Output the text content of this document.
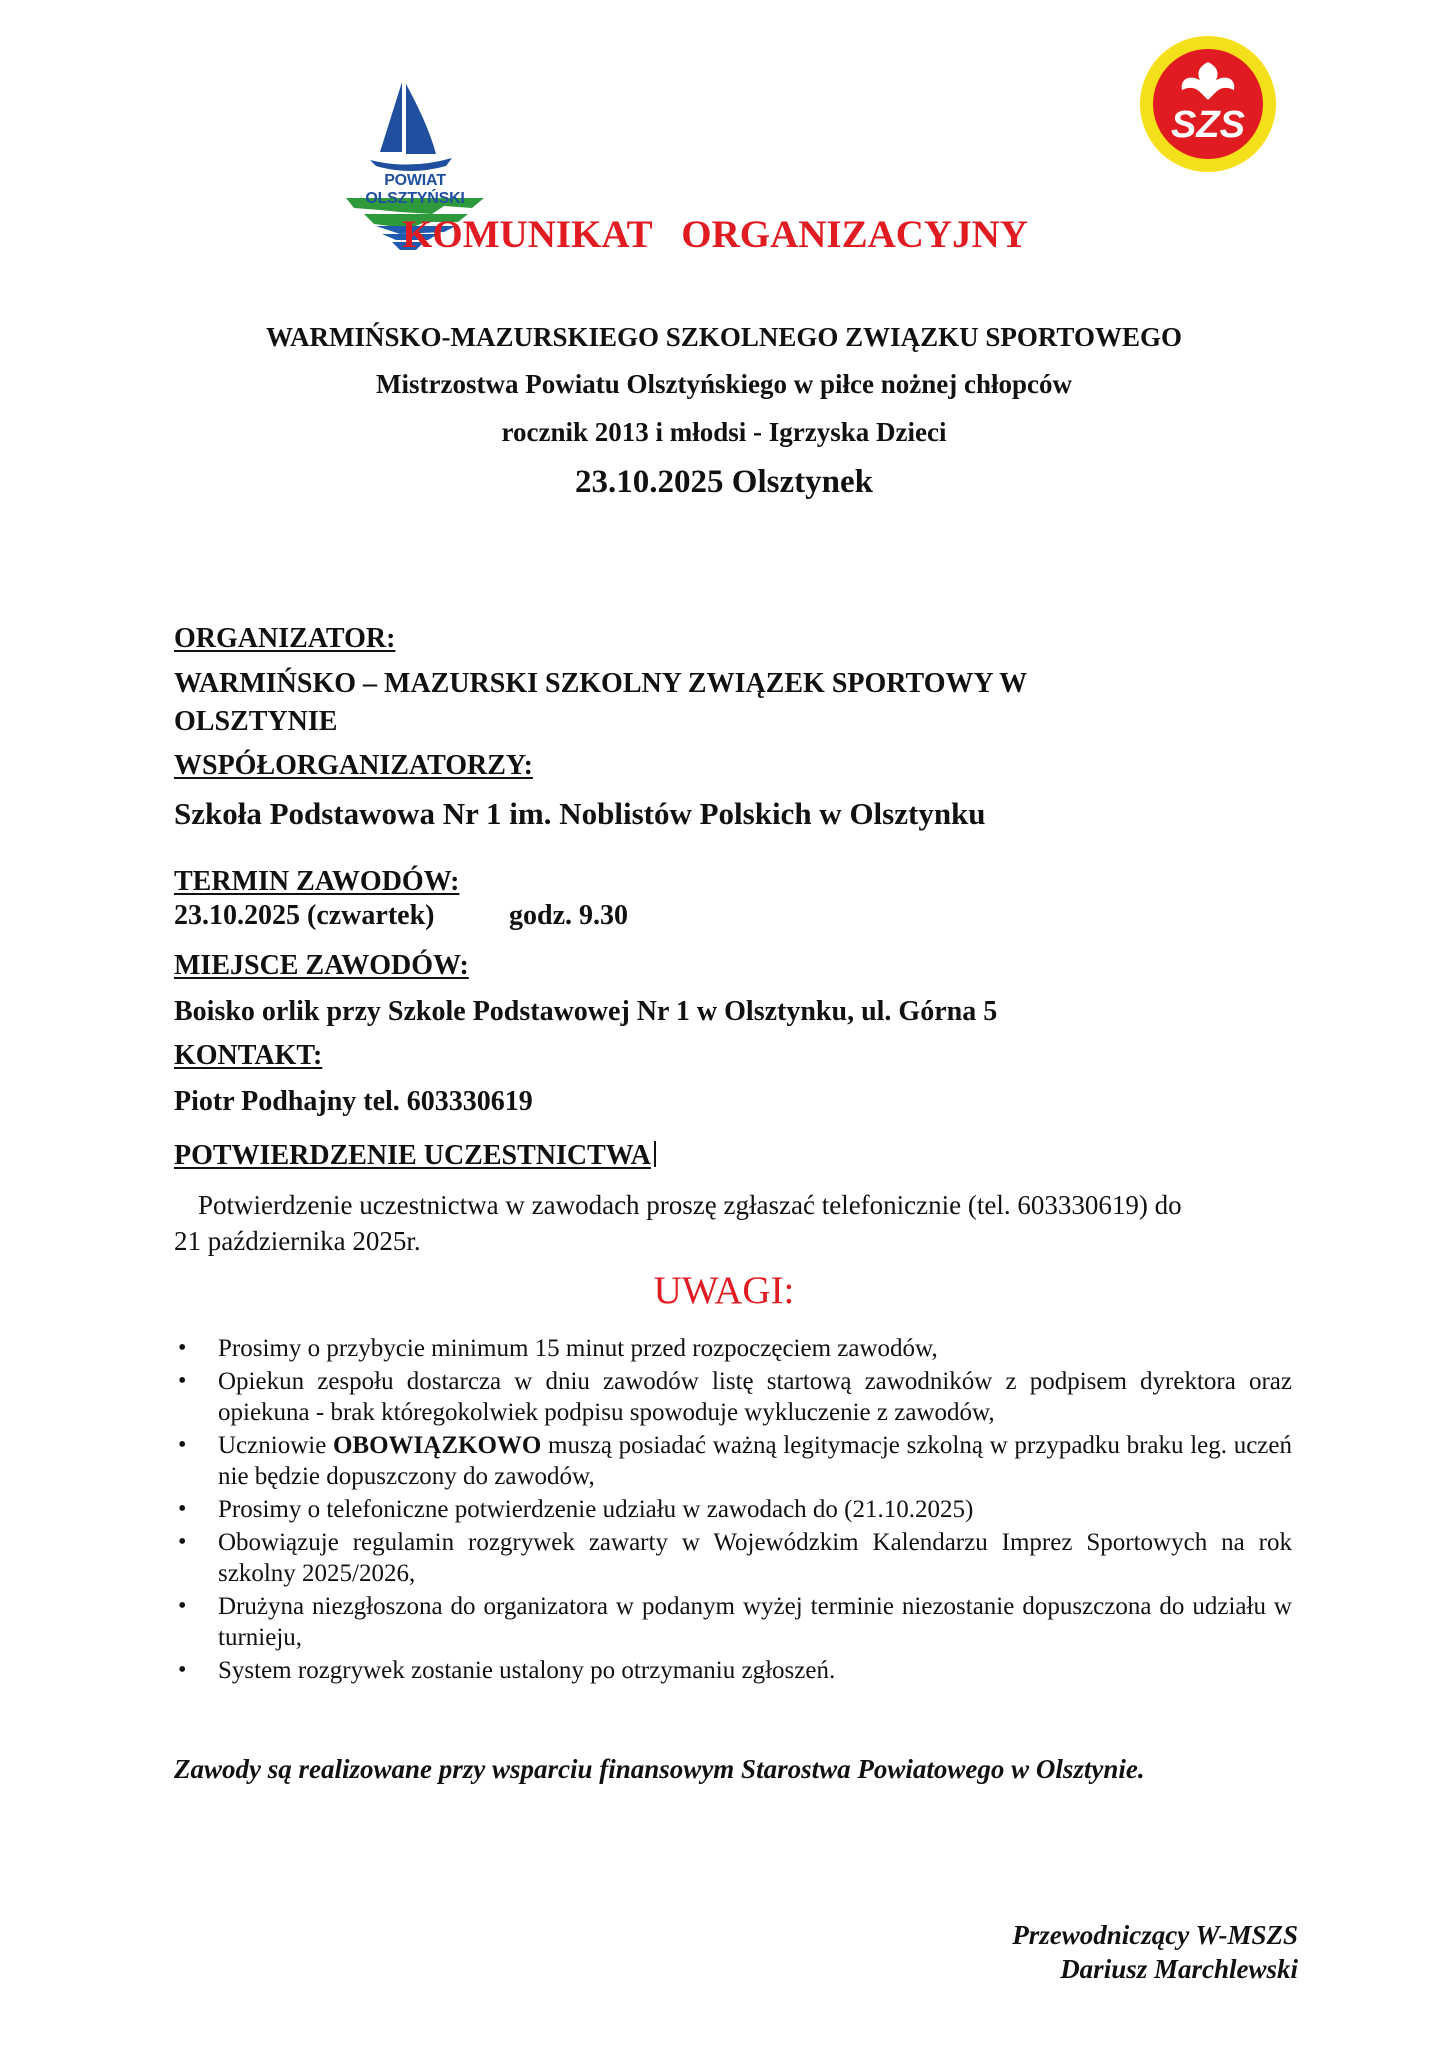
POWIAT OLSZTYŃSKI
SZS
KOMUNIKAT   ORGANIZACYJNY
WARMIŃSKO-MAZURSKIEGO SZKOLNEGO ZWIĄZKU SPORTOWEGO
Mistrzostwa Powiatu Olsztyńskiego w piłce nożnej chłopców
rocznik 2013 i młodsi - Igrzyska Dzieci
23.10.2025 Olsztynek
ORGANIZATOR:
WARMIŃSKO – MAZURSKI SZKOLNY ZWIĄZEK SPORTOWY W
OLSZTYNIE
WSPÓŁORGANIZATORZY:
Szkoła Podstawowa Nr 1 im. Noblistów Polskich w Olsztynku
TERMIN ZAWODÓW:
23.10.2025 (czwartek)	godz. 9.30
MIEJSCE ZAWODÓW:
Boisko orlik przy Szkole Podstawowej Nr 1 w Olsztynku, ul. Górna 5
KONTAKT:
Piotr Podhajny tel. 603330619
POTWIERDZENIE UCZESTNICTWA
Potwierdzenie uczestnictwa w zawodach proszę zgłaszać telefonicznie (tel. 603330619) do
21 października 2025r.
UWAGI:
• Prosimy o przybycie minimum 15 minut przed rozpoczęciem zawodów,
• Opiekun zespołu dostarcza w dniu zawodów listę startową zawodników z podpisem dyrektora oraz opiekuna - brak któregokolwiek podpisu spowoduje wykluczenie z zawodów,
• Uczniowie OBOWIĄZKOWO muszą posiadać ważną legitymacje szkolną w przypadku braku leg. uczeń nie będzie dopuszczony do zawodów,
• Prosimy o telefoniczne potwierdzenie udziału w zawodach do (21.10.2025)
• Obowiązuje regulamin rozgrywek zawarty w Wojewódzkim Kalendarzu Imprez Sportowych na rok szkolny 2025/2026,
• Drużyna niezgłoszona do organizatora w podanym wyżej terminie niezostanie dopuszczona do udziału w turnieju,
• System rozgrywek zostanie ustalony po otrzymaniu zgłoszeń.
Zawody są realizowane przy wsparciu finansowym Starostwa Powiatowego w Olsztynie.
Przewodniczący W-MSZS
Dariusz Marchlewski
